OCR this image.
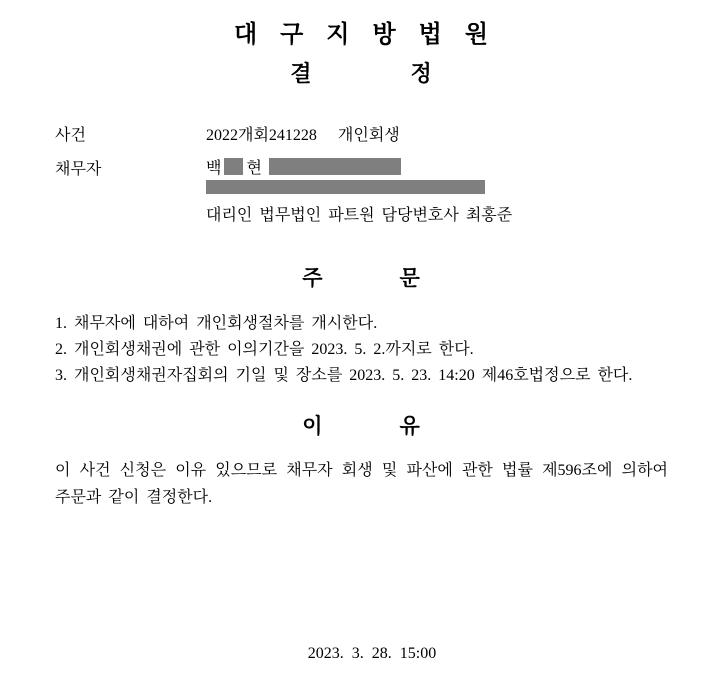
대구지방법원
결	정
사건	2022개회241228 개인회생
채무자	백 현
대리인 법무법인 파트원 담당변호사 최홍준
주	문
1. 채무자에 대하여 개인회생절차를 개시한다.
2. 개인회생채권에 관한 이의기간을 2023. 5. 2.까지로 한다.
3. 개인회생채권자집회의 기일 및 장소를 2023. 5. 23. 14:20 제46호법정으로 한다.
이	유
이 사건 신청은 이유 있으므로 채무자 회생 및 파산에 관한 법률 제596조에 의하여
주문과 같이 결정한다.
2023. 3. 28. 15:00
